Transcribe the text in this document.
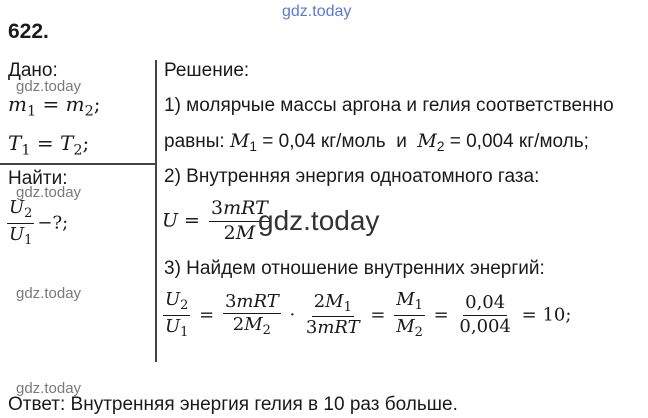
622.
Дано:
$m_1 = m_2$;
$T_1 = T_2$;
Найти:
$\frac{U_2}{U_1}$ −?;
Решение:
1) молярчые массы аргона и гелия соответственно
равны: $M_1 = 0,04$ кг/моль  и  $M_2 = 0,004$ кг/моль;
2) Внутренняя энергия одноатомного газа:
$U = \frac{\text{3mRT}}{2M}$
3) Найдем отношение внутренних энергий:
$\frac{U_2}{U_1} = \frac{\text{3mRT}}{2M_2} \cdot \frac{2M_1}{\text{3mRT}} = \frac{M_1}{M_2} = \frac{0,04}{0,004} = 10$;
Ответ: Внутренняя энергия гелия в 10 раз больше.
gdz.today
gdz.today
gdz.today
gdz.today
gdz.today
gdz.today
